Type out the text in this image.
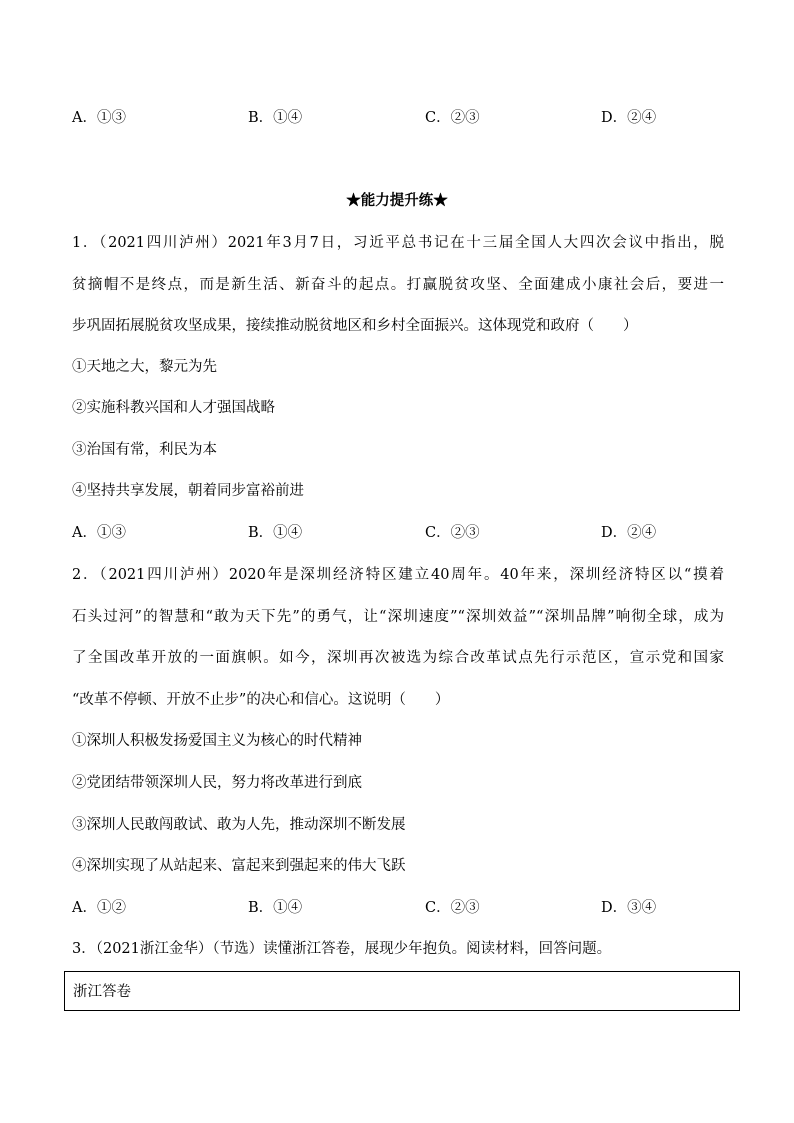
A．①③	B．①④	C．②③	D．②④
★能力提升练★
1．（2021四川泸州）2021年3月7日，习近平总书记在十三届全国人大四次会议中指出，脱
贫摘帽不是终点，而是新生活、新奋斗的起点。打赢脱贫攻坚、全面建成小康社会后，要进一
步巩固拓展脱贫攻坚成果，接续推动脱贫地区和乡村全面振兴。这体现党和政府（　　）
①天地之大，黎元为先
②实施科教兴国和人才强国战略
③治国有常，利民为本
④坚持共享发展，朝着同步富裕前进
A．①③	B．①④	C．②③	D．②④
2．（2021四川泸州）2020年是深圳经济特区建立40周年。40年来，深圳经济特区以“摸着
石头过河”的智慧和“敢为天下先”的勇气，让“深圳速度”“深圳效益”“深圳品牌”响彻全球，成为
了全国改革开放的一面旗帜。如今，深圳再次被选为综合改革试点先行示范区，宣示党和国家
“改革不停顿、开放不止步”的决心和信心。这说明（　　）
①深圳人积极发扬爱国主义为核心的时代精神
②党团结带领深圳人民，努力将改革进行到底
③深圳人民敢闯敢试、敢为人先，推动深圳不断发展
④深圳实现了从站起来、富起来到强起来的伟大飞跃
A．①②	B．①④	C．②③	D．③④
3．（2021浙江金华）（节选）读懂浙江答卷，展现少年抱负。阅读材料，回答问题。
浙江答卷
